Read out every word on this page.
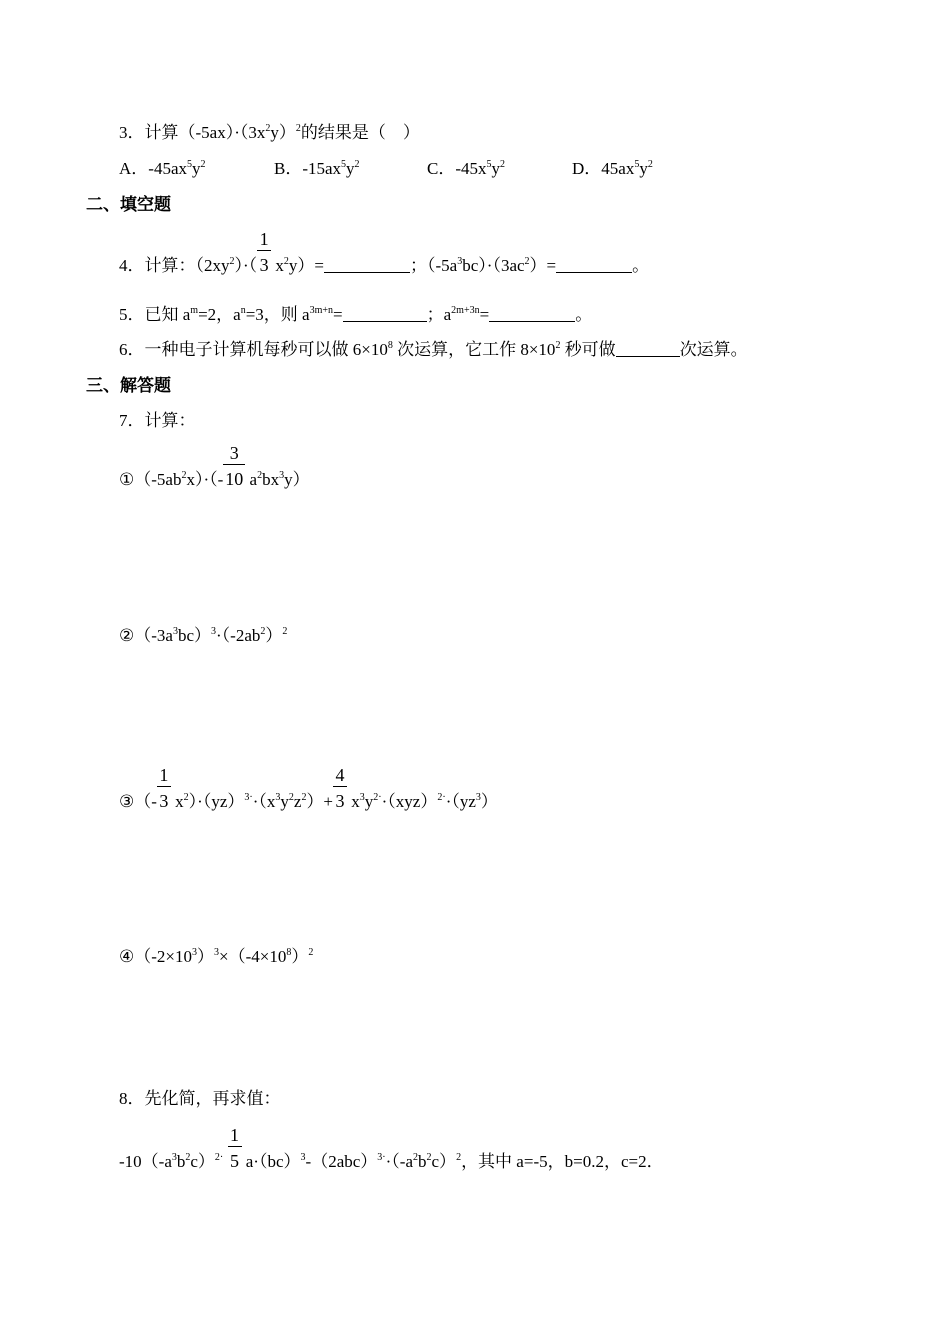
3．计算$(-5ax)\cdot(3x^2y)^2$的结果是（　）
A．$-45ax^5y^2$	B．$-15ax^5y^2$	C．$-45x^5y^2$	D．$45ax^5y^2$
二、填空题
4．计算：$(2xy^2)\cdot( \frac{1}{3} x^2y)=$	；$(-5a^3bc)\cdot(3ac^2)=$	。
5．已知 $a^m=2$，$a^n=3$，则 $a^{3m+n}=$	；$a^{2m+3n}=$	。
6．一种电子计算机每秒可以做 $6\times 10^8$ 次运算，它工作 $8\times 10^2$ 秒可做	次运算。
三、解答题
7．计算：
$①(-5ab^2x)\cdot(- \frac{3}{10} a^2bx^3y)$
$②(-3a^3bc)^3\cdot(-2ab^2)^2$
③（- $\frac{1}{3} x^2)\cdot(yz)^{3\cdot}\cdot(x^3y^2z^2)+ \frac{4}{3} x^3y^{2\cdot}\cdot(xyz)^{2\cdot}\cdot(yz^3)$
$④(-2\times 10^3)^3\times(-4\times 10^8)^2$
8．先化简，再求值：
$-10(-a^3b^2c)^{2\cdot} \frac{1}{5} a\cdot(bc)^3-(2abc)^{3\cdot}\cdot(-a^2b^2c)^2$，其中 a=-5，b=0.2，c=2．
